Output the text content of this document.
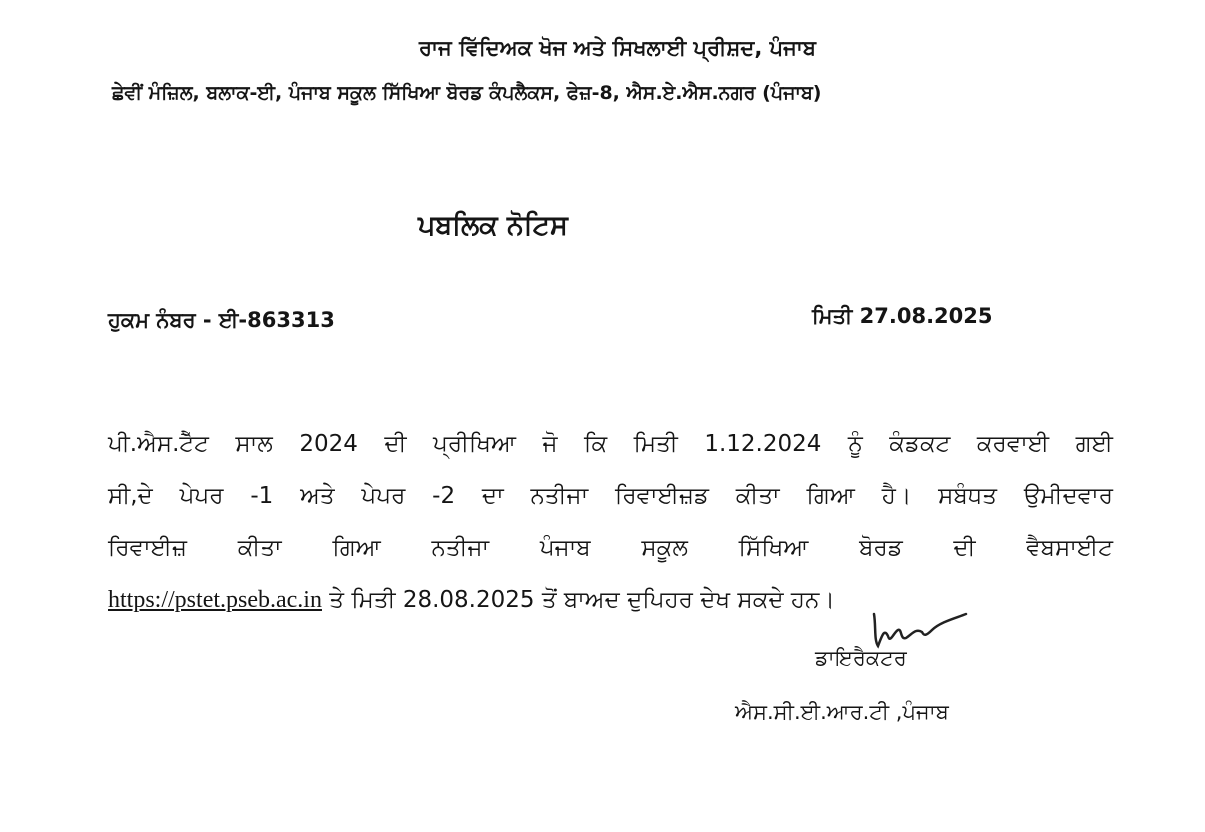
ਰਾਜ ਵਿੱਦਿਅਕ ਖੋਜ ਅਤੇ ਸਿਖਲਾਈ ਪ੍ਰੀਸ਼ਦ, ਪੰਜਾਬ
ਛੇਵੀਂ ਮੰਜ਼ਿਲ, ਬਲਾਕ-ਈ, ਪੰਜਾਬ ਸਕੂਲ ਸਿੱਖਿਆ ਬੋਰਡ ਕੰਪਲੈਕਸ, ਫੇਜ਼-8, ਐਸ.ਏ.ਐਸ.ਨਗਰ (ਪੰਜਾਬ)
ਪਬਲਿਕ ਨੋਟਿਸ
ਹੁਕਮ ਨੰਬਰ - ਈ-863313	ਮਿਤੀ 27.08.2025
ਪੀ.ਐਸ.ਟੈੱਟ ਸਾਲ 2024 ਦੀ ਪ੍ਰੀਖਿਆ ਜੋ ਕਿ ਮਿਤੀ 1.12.2024 ਨੂੰ ਕੰਡਕਟ ਕਰਵਾਈ ਗਈ
ਸੀ,ਦੇ ਪੇਪਰ -1 ਅਤੇ ਪੇਪਰ -2 ਦਾ ਨਤੀਜਾ ਰਿਵਾਈਜ਼ਡ ਕੀਤਾ ਗਿਆ ਹੈ। ਸਬੰਧਤ ਉਮੀਦਵਾਰ
ਰਿਵਾਈਜ਼ ਕੀਤਾ ਗਿਆ ਨਤੀਜਾ ਪੰਜਾਬ ਸਕੂਲ ਸਿੱਖਿਆ ਬੋਰਡ ਦੀ ਵੈਬਸਾਈਟ
https://pstet.pseb.ac.in ਤੇ ਮਿਤੀ 28.08.2025 ਤੋਂ ਬਾਅਦ ਦੁਪਿਹਰ ਦੇਖ ਸਕਦੇ ਹਨ।
ਡਾਇਰੈਕਟਰ
ਐਸ.ਸੀ.ਈ.ਆਰ.ਟੀ ,ਪੰਜਾਬ
